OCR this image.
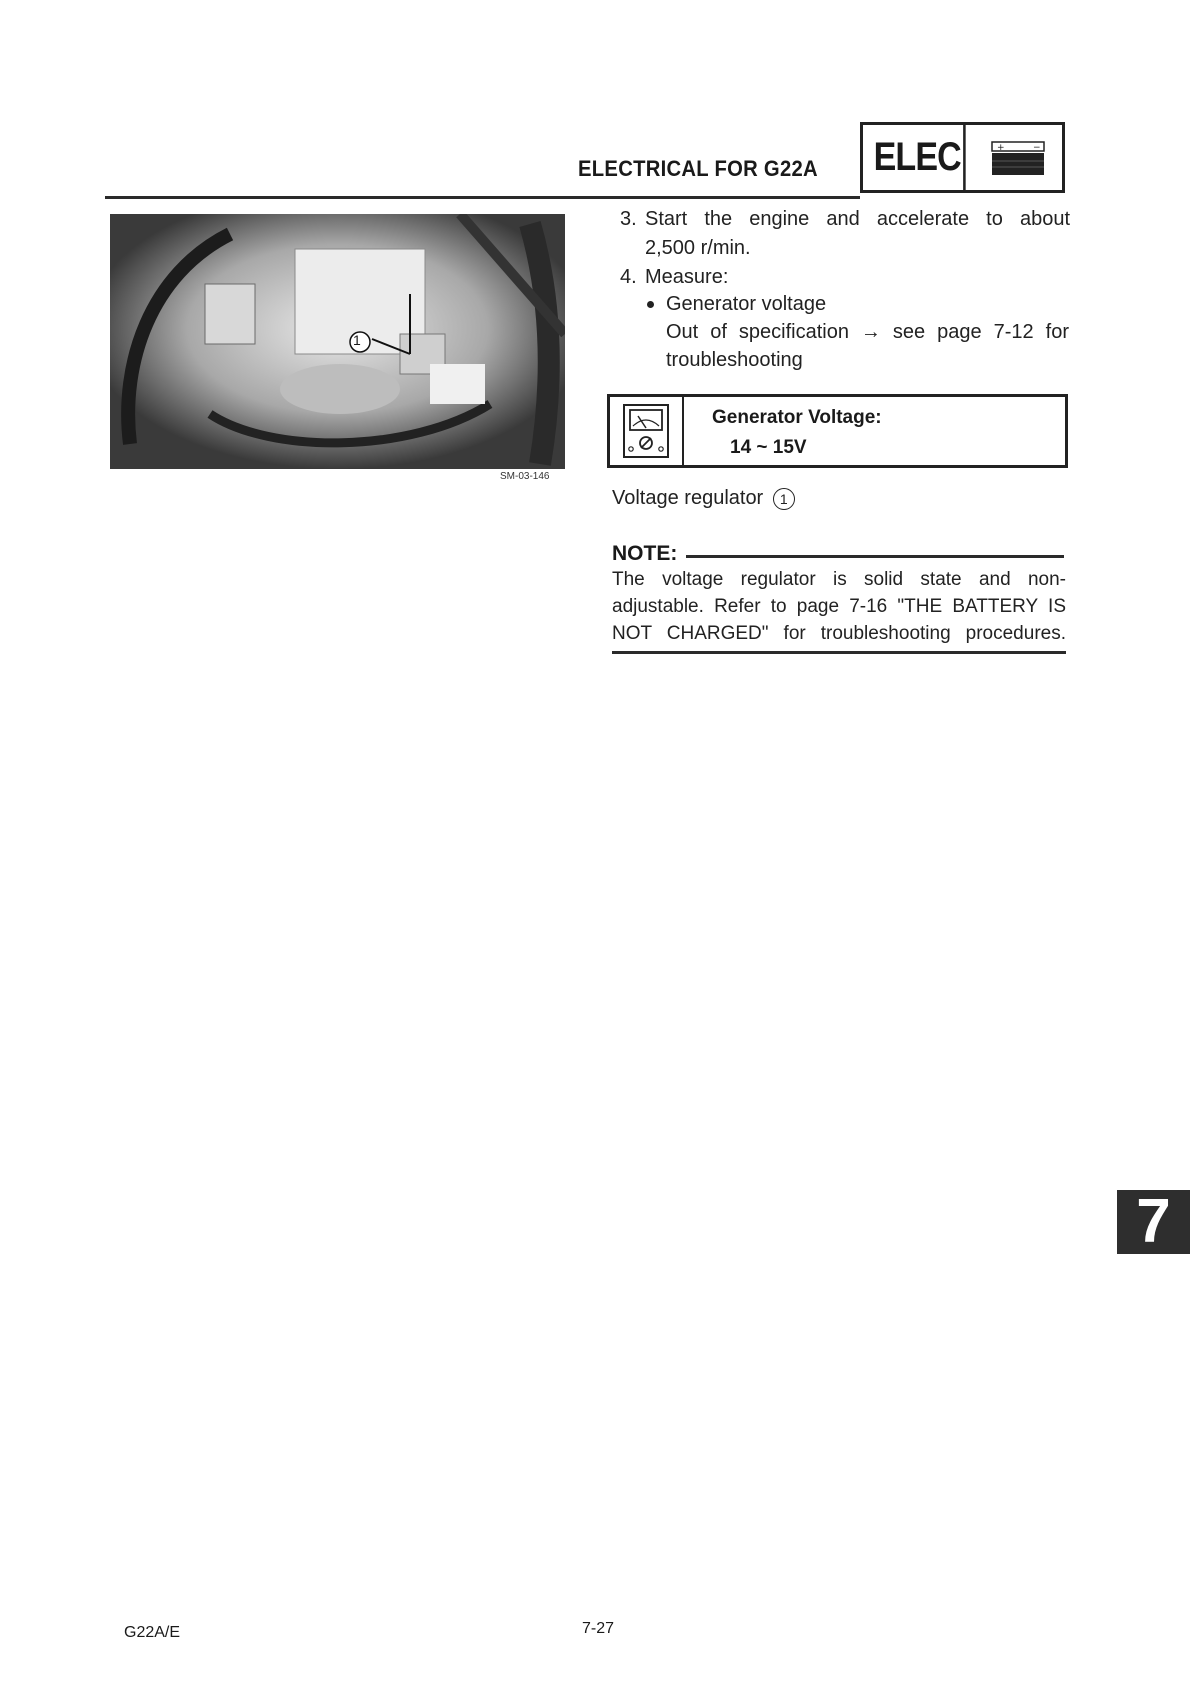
ELECTRICAL FOR G22A ELEC	+	−
1
SM-03-146
3. Start the engine and accelerate to about
2,500 r/min.
4. Measure:
Generator voltage
Out of specification → see page 7-12 for
troubleshooting
Generator Voltage:
14 ~ 15V
Voltage regulator 1
NOTE:
The voltage regulator is solid state and non-
adjustable. Refer to page 7-16 "THE BATTERY IS
NOT CHARGED" for troubleshooting procedures.
7
G22A/E	7-27
